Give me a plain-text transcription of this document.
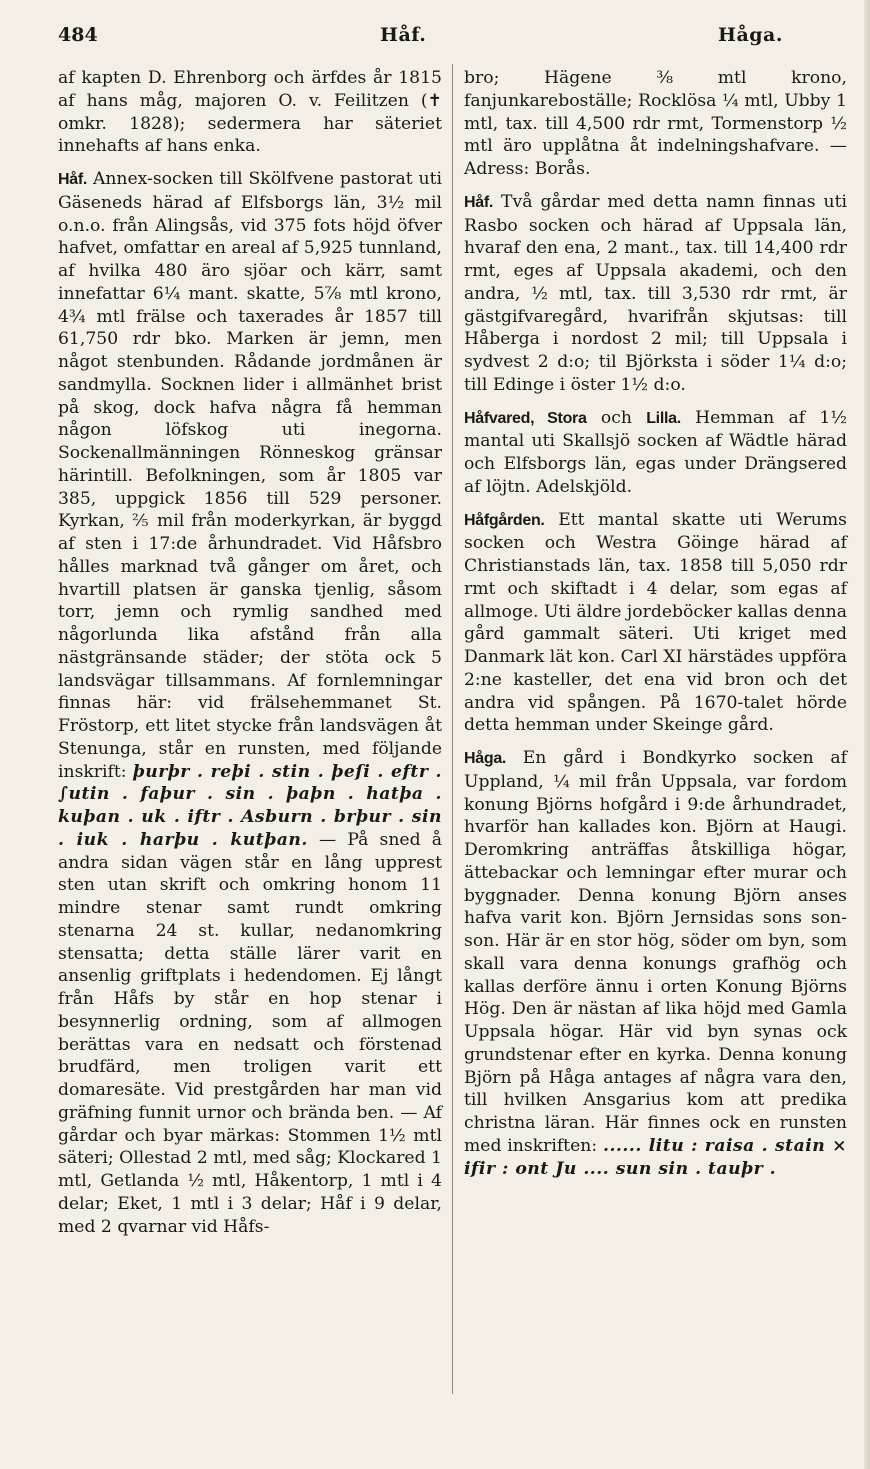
484	Håf.	Håga.

af kapten D. Ehrenborg och ärfdes år 1815 af hans måg, majoren O. v. Feilitzen (✝ omkr. 1828); sedermera har säteriet innehafts af hans enka.

Håf. Annex-socken till Skölfvene pastorat uti Gäseneds härad af Elfsborgs län, 3½ mil o.n.o. från Alingsås, vid 375 fots höjd öfver hafvet, omfattar en areal af 5,925 tunnland, af hvilka 480 äro sjöar och kärr, samt innefattar 6¼ mant. skatte, 5⅞ mtl krono, 4¾ mtl frälse och taxerades år 1857 till 61,750 rdr bko. Marken är jemn, men något stenbunden. Rådande jordmånen är sandmylla. Socknen lider i allmänhet brist på skog, dock hafva några få hemman någon löfskog uti inegorna. Sockenallmänningen Rönneskog gränsar härintill. Befolkningen, som år 1805 var 385, uppgick 1856 till 529 personer. Kyrkan, ⅖ mil från moderkyrkan, är byggd af sten i 17:de århundradet. Vid Håfsbro hålles marknad två gånger om året, och hvartill platsen är ganska tjenlig, såsom torr, jemn och rymlig sandhed med någorlunda lika afstånd från alla nästgränsande städer; der stöta ock 5 landsvägar tillsammans. Af fornlemningar finnas här: vid frälsehemmanet St. Fröstorp, ett litet stycke från landsvägen åt Stenunga, står en runsten, med följande inskrift: þurþr . reþi . stin . þeſi . eftr . ∫utin . faþur . sin . þaþn . hatþa . kuþan . uk . iftr . Asburn . brþur . sin . iuk . harþu . kutþan. — På sned å andra sidan vägen står en lång upprest sten utan skrift och omkring honom 11 mindre stenar samt rundt omkring stenarna 24 st. kullar, nedanomkring stensatta; detta ställe lärer varit en ansenlig griftplats i hedendomen. Ej långt från Håfs by står en hop stenar i besynnerlig ordning, som af allmogen berättas vara en nedsatt och förstenad brudfärd, men troligen varit ett domaresäte. Vid prestgården har man vid gräfning funnit urnor och brända ben. — Af gårdar och byar märkas: Stommen 1½ mtl säteri; Ollestad 2 mtl, med såg; Klockared 1 mtl, Getlanda ½ mtl, Håkentorp, 1 mtl i 4 delar; Eket, 1 mtl i 3 delar; Håf i 9 delar, med 2 qvarnar vid Håfs-

bro; Hägene ⅜ mtl krono, fanjunkareboställe; Rocklösa ¼ mtl, Ubby 1 mtl, tax. till 4,500 rdr rmt, Tormenstorp ½ mtl äro upplåtna åt indelningshafvare. — Adress: Borås.

Håf. Två gårdar med detta namn finnas uti Rasbo socken och härad af Uppsala län, hvaraf den ena, 2 mant., tax. till 14,400 rdr rmt, eges af Uppsala akademi, och den andra, ½ mtl, tax. till 3,530 rdr rmt, är gästgifvaregård, hvarifrån skjutsas: till Håberga i nordost 2 mil; till Uppsala i sydvest 2 d:o; til Björksta i söder 1¼ d:o; till Edinge i öster 1½ d:o.

Håfvared, Stora och Lilla. Hemman af 1½ mantal uti Skallsjö socken af Wädtle härad och Elfsborgs län, egas under Drängsered af löjtn. Adelskjöld.

Håfgården. Ett mantal skatte uti Werums socken och Westra Göinge härad af Christianstads län, tax. 1858 till 5,050 rdr rmt och skiftadt i 4 delar, som egas af allmoge. Uti äldre jordeböcker kallas denna gård gammalt säteri. Uti kriget med Danmark lät kon. Carl XI härstädes uppföra 2:ne kasteller, det ena vid bron och det andra vid spången. På 1670-talet hörde detta hemman under Skeinge gård.

Håga. En gård i Bondkyrko socken af Uppland, ¼ mil från Uppsala, var fordom konung Björns hofgård i 9:de århundradet, hvarför han kallades kon. Björn at Haugi. Deromkring anträffas åtskilliga högar, ättebackar och lemningar efter murar och byggnader. Denna konung Björn anses hafva varit kon. Björn Jernsidas sons son-son. Här är en stor hög, söder om byn, som skall vara denna konungs grafhög och kallas derföre ännu i orten Konung Björns Hög. Den är nästan af lika höjd med Gamla Uppsala högar. Här vid byn synas ock grundstenar efter en kyrka. Denna konung Björn på Håga antages af några vara den, till hvilken Ansgarius kom att predika christna läran. Här finnes ock en runsten med inskriften: ...... litu : raisa . stain × ifir : ont Ju .... sun sin . tauþr .
